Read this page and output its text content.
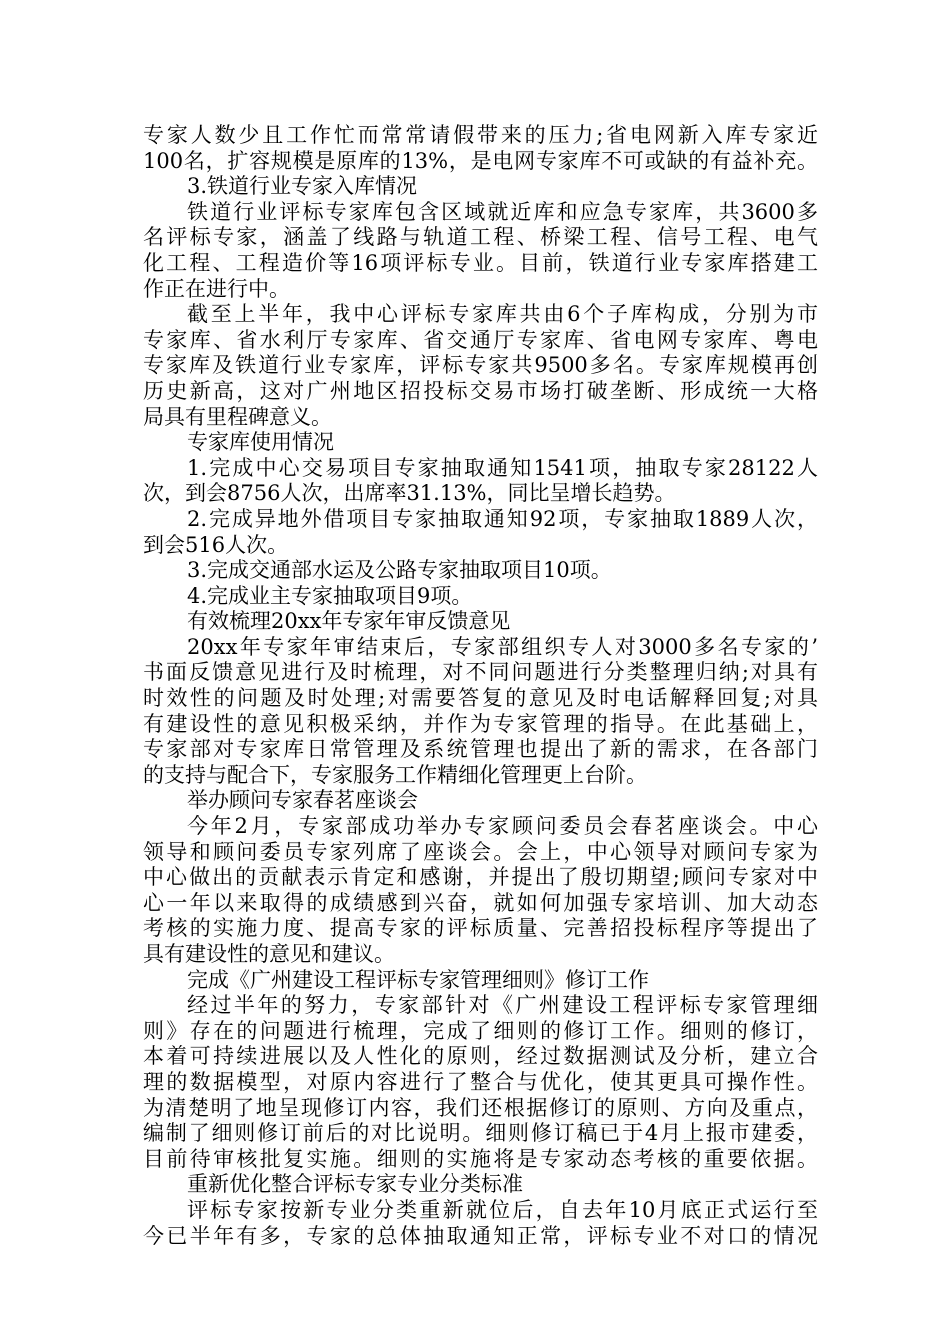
专家人数少且工作忙而常常请假带来的压力;省电网新入库专家近
100名，扩容规模是原库的13%，是电网专家库不可或缺的有益补充。
3.铁道行业专家入库情况
铁道行业评标专家库包含区域就近库和应急专家库，共3600多
名评标专家，涵盖了线路与轨道工程、桥梁工程、信号工程、电气
化工程、工程造价等16项评标专业。目前，铁道行业专家库搭建工
作正在进行中。
截至上半年，我中心评标专家库共由6个子库构成，分别为市
专家库、省水利厅专家库、省交通厅专家库、省电网专家库、粤电
专家库及铁道行业专家库，评标专家共9500多名。专家库规模再创
历史新高，这对广州地区招投标交易市场打破垄断、形成统一大格
局具有里程碑意义。
专家库使用情况
1.完成中心交易项目专家抽取通知1541项，抽取专家28122人
次，到会8756人次，出席率31.13%，同比呈增长趋势。
2.完成异地外借项目专家抽取通知92项，专家抽取1889人次，
到会516人次。
3.完成交通部水运及公路专家抽取项目10项。
4.完成业主专家抽取项目9项。
有效梳理20xx年专家年审反馈意见
20xx年专家年审结束后，专家部组织专人对3000多名专家的’
书面反馈意见进行及时梳理，对不同问题进行分类整理归纳;对具有
时效性的问题及时处理;对需要答复的意见及时电话解释回复;对具
有建设性的意见积极采纳，并作为专家管理的指导。在此基础上，
专家部对专家库日常管理及系统管理也提出了新的需求，在各部门
的支持与配合下，专家服务工作精细化管理更上台阶。
举办顾问专家春茗座谈会
今年2月，专家部成功举办专家顾问委员会春茗座谈会。中心
领导和顾问委员专家列席了座谈会。会上，中心领导对顾问专家为
中心做出的贡献表示肯定和感谢，并提出了殷切期望;顾问专家对中
心一年以来取得的成绩感到兴奋，就如何加强专家培训、加大动态
考核的实施力度、提高专家的评标质量、完善招投标程序等提出了
具有建设性的意见和建议。
完成《广州建设工程评标专家管理细则》修订工作
经过半年的努力，专家部针对《广州建设工程评标专家管理细
则》存在的问题进行梳理，完成了细则的修订工作。细则的修订，
本着可持续进展以及人性化的原则，经过数据测试及分析，建立合
理的数据模型，对原内容进行了整合与优化，使其更具可操作性。
为清楚明了地呈现修订内容，我们还根据修订的原则、方向及重点，
编制了细则修订前后的对比说明。细则修订稿已于4月上报市建委，
目前待审核批复实施。细则的实施将是专家动态考核的重要依据。
重新优化整合评标专家专业分类标准
评标专家按新专业分类重新就位后，自去年10月底正式运行至
今已半年有多，专家的总体抽取通知正常，评标专业不对口的情况
